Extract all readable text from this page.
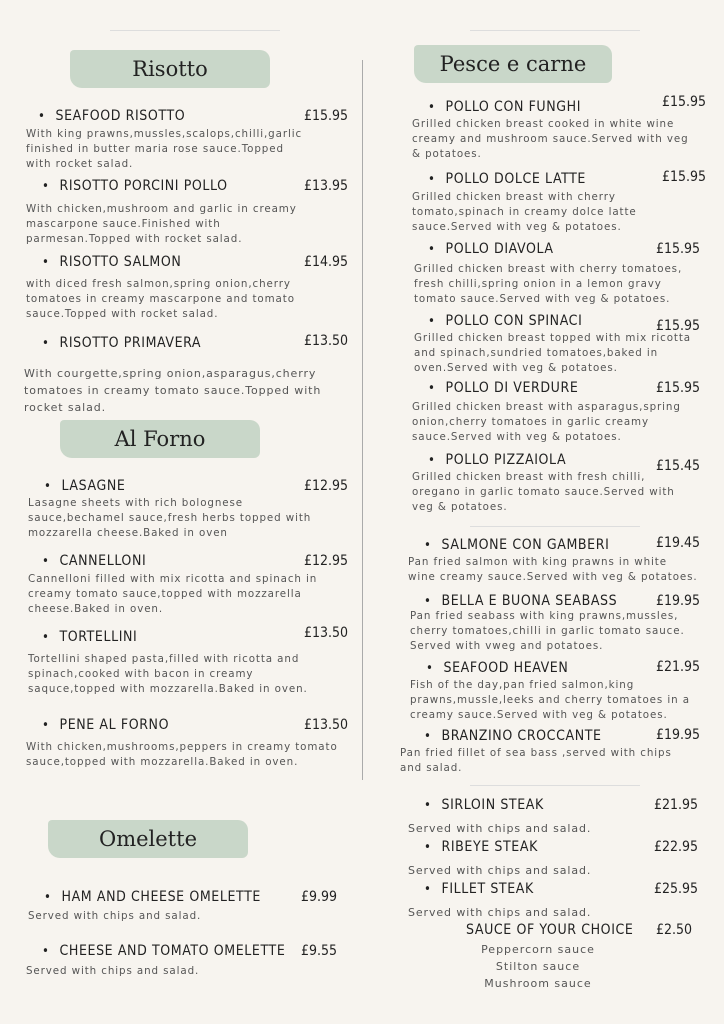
Risotto
Al Forno
Omelette
Pesce e carne
• SEAFOOD RISOTTO	£15.95
With king prawns,mussles,scalops,chilli,garlic finished in butter maria rose sauce.Topped with rocket salad.
• RISOTTO PORCINI POLLO	£13.95
With chicken,mushroom and garlic in creamy mascarpone sauce.Finished with parmesan.Topped with rocket salad.
• RISOTTO SALMON	£14.95
with diced fresh salmon,spring onion,cherry tomatoes in creamy mascarpone and tomato sauce.Topped with rocket salad.
• RISOTTO PRIMAVERA	£13.50
With courgette,spring onion,asparagus,cherry tomatoes in creamy tomato sauce.Topped with rocket salad.
• LASAGNE	£12.95
Lasagne sheets with rich bolognese sauce,bechamel sauce,fresh herbs topped with mozzarella cheese.Baked in oven
• CANNELLONI	£12.95
Cannelloni filled with mix ricotta and spinach in creamy tomato sauce,topped with mozzarella cheese.Baked in oven.
• TORTELLINI	£13.50
Tortellini shaped pasta,filled with ricotta and spinach,cooked with bacon in creamy saquce,topped with mozzarella.Baked in oven.
• PENE AL FORNO	£13.50
With chicken,mushrooms,peppers in creamy tomato sauce,topped with mozzarella.Baked in oven.
• HAM AND CHEESE OMELETTE	£9.99
Served with chips and salad.
• CHEESE AND TOMATO OMELETTE £9.55
Served with chips and salad.
• POLLO CON FUNGHI	£15.95
Grilled chicken breast cooked in white wine creamy and mushroom sauce.Served with veg & potatoes.
• POLLO DOLCE LATTE	£15.95
Grilled chicken breast with cherry tomato,spinach in creamy dolce latte sauce.Served with veg & potatoes.
• POLLO DIAVOLA	£15.95
Grilled chicken breast with cherry tomatoes, fresh chilli,spring onion in a lemon gravy tomato sauce.Served with veg & potatoes.
• POLLO CON SPINACI	£15.95
Grilled chicken breast topped with mix ricotta and spinach,sundried tomatoes,baked in oven.Served with veg & potatoes.
• POLLO DI VERDURE	£15.95
Grilled chicken breast with asparagus,spring onion,cherry tomatoes in garlic creamy sauce.Served with veg & potatoes.
• POLLO PIZZAIOLA	£15.45
Grilled chicken breast with fresh chilli, oregano in garlic tomato sauce.Served with veg & potatoes.
• SALMONE CON GAMBERI	£19.45
Pan fried salmon with king prawns in white wine creamy sauce.Served with veg & potatoes.
• BELLA E BUONA SEABASS	£19.95
Pan fried seabass with king prawns,mussles, cherry tomatoes,chilli in garlic tomato sauce. Served with vweg and potatoes.
• SEAFOOD HEAVEN	£21.95
Fish of the day,pan fried salmon,king prawns,mussle,leeks and cherry tomatoes in a creamy sauce.Served with veg & potatoes.
• BRANZINO CROCCANTE	£19.95
Pan fried fillet of sea bass ,served with chips and salad.
• SIRLOIN STEAK	£21.95
Served with chips and salad.
• RIBEYE STEAK	£22.95
Served with chips and salad.
• FILLET STEAK	£25.95
Served with chips and salad.
SAUCE OF YOUR CHOICE £2.50
Peppercorn sauce
Stilton sauce
Mushroom sauce
